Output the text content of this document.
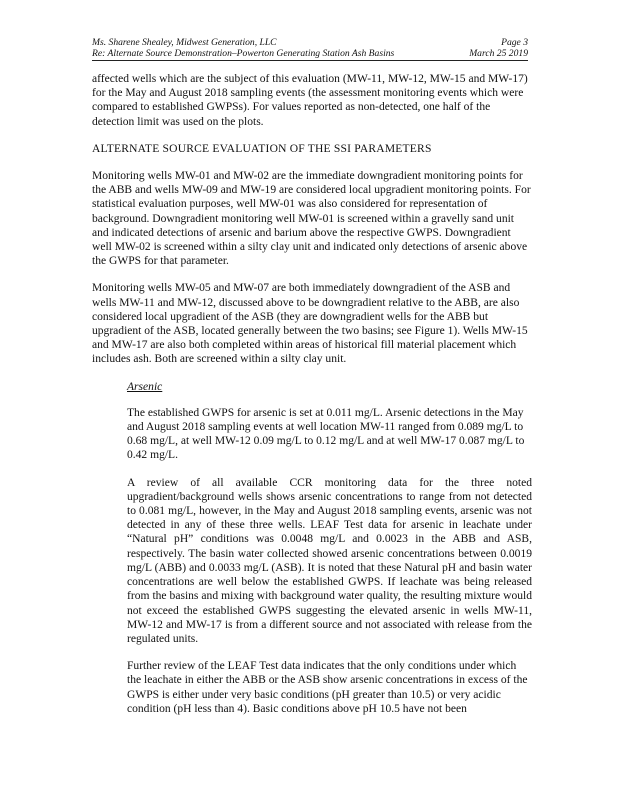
Ms. Sharene Shealey, Midwest Generation, LLC	Page 3
Re: Alternate Source Demonstration–Powerton Generating Station Ash Basins	March 25 2019

affected wells which are the subject of this evaluation (MW-11, MW-12, MW-15 and MW-17) for the May and August 2018 sampling events (the assessment monitoring events which were compared to established GWPSs). For values reported as non-detected, one half of the detection limit was used on the plots.

ALTERNATE SOURCE EVALUATION OF THE SSI PARAMETERS

Monitoring wells MW-01 and MW-02 are the immediate downgradient monitoring points for the ABB and wells MW-09 and MW-19 are considered local upgradient monitoring points. For statistical evaluation purposes, well MW-01 was also considered for representation of background. Downgradient monitoring well MW-01 is screened within a gravelly sand unit and indicated detections of arsenic and barium above the respective GWPS. Downgradient well MW-02 is screened within a silty clay unit and indicated only detections of arsenic above the GWPS for that parameter.

Monitoring wells MW-05 and MW-07 are both immediately downgradient of the ASB and wells MW-11 and MW-12, discussed above to be downgradient relative to the ABB, are also considered local upgradient of the ASB (they are downgradient wells for the ABB but upgradient of the ASB, located generally between the two basins; see Figure 1). Wells MW-15 and MW-17 are also both completed within areas of historical fill material placement which includes ash. Both are screened within a silty clay unit.

Arsenic

The established GWPS for arsenic is set at 0.011 mg/L. Arsenic detections in the May and August 2018 sampling events at well location MW-11 ranged from 0.089 mg/L to 0.68 mg/L, at well MW-12 0.09 mg/L to 0.12 mg/L and at well MW-17 0.087 mg/L to 0.42 mg/L.

A review of all available CCR monitoring data for the three noted upgradient/background wells shows arsenic concentrations to range from not detected to 0.081 mg/L, however, in the May and August 2018 sampling events, arsenic was not detected in any of these three wells. LEAF Test data for arsenic in leachate under “Natural pH” conditions was 0.0048 mg/L and 0.0023 in the ABB and ASB, respectively. The basin water collected showed arsenic concentrations between 0.0019 mg/L (ABB) and 0.0033 mg/L (ASB). It is noted that these Natural pH and basin water concentrations are well below the established GWPS. If leachate was being released from the basins and mixing with background water quality, the resulting mixture would not exceed the established GWPS suggesting the elevated arsenic in wells MW-11, MW-12 and MW-17 is from a different source and not associated with release from the regulated units.

Further review of the LEAF Test data indicates that the only conditions under which the leachate in either the ABB or the ASB show arsenic concentrations in excess of the GWPS is either under very basic conditions (pH greater than 10.5) or very acidic condition (pH less than 4). Basic conditions above pH 10.5 have not been
